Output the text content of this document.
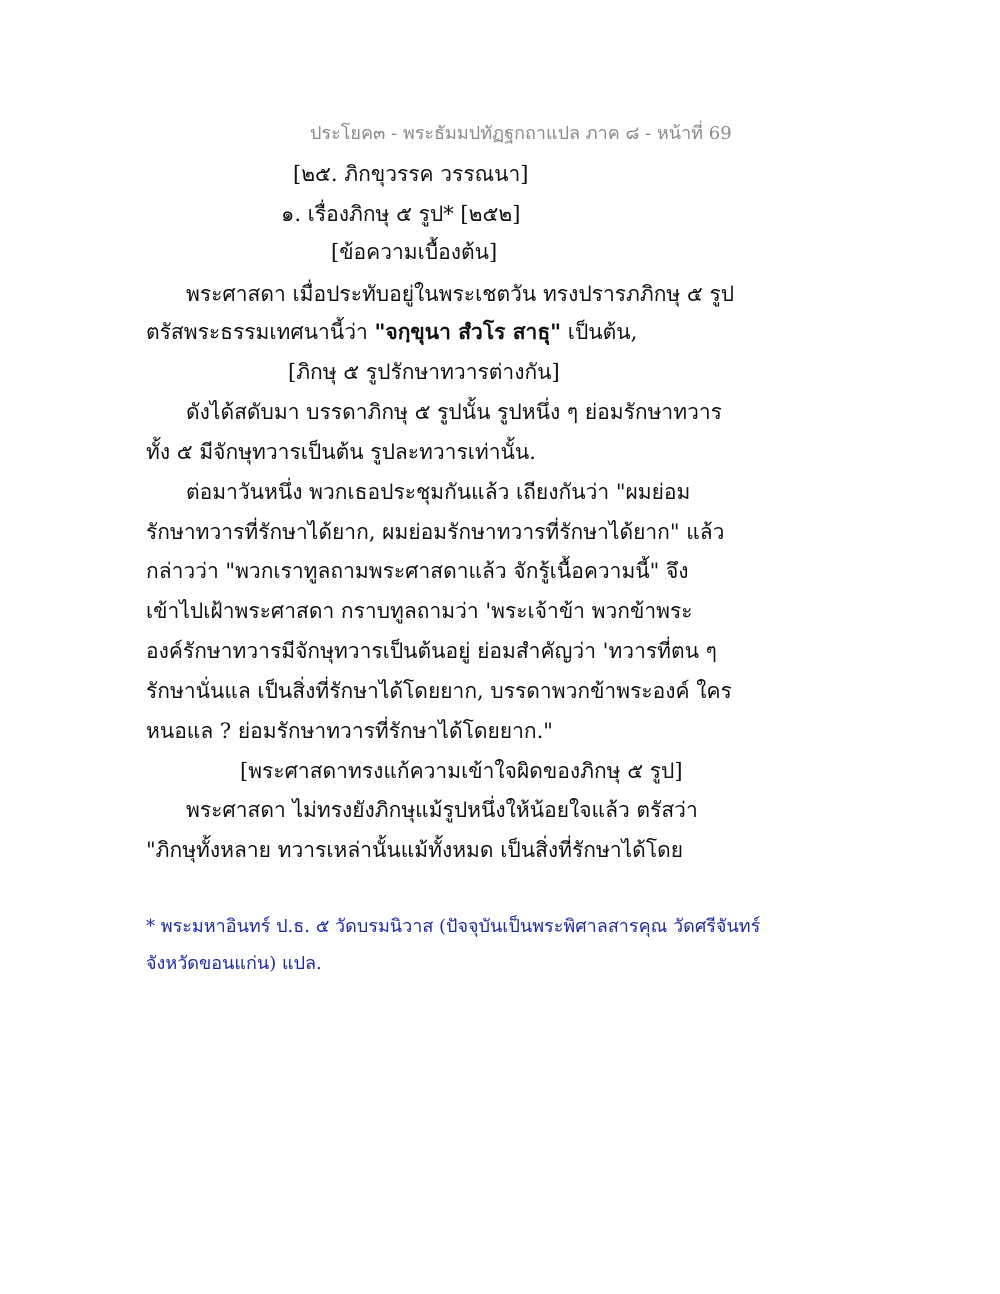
ประโยค๓ - พระธัมมปทัฏฐกถาแปล ภาค ๘ - หน้าที่ 69
[๒๕. ภิกขุวรรค วรรณนา]
๑. เรื่องภิกษุ ๕ รูป* [๒๕๒]
[ข้อความเบื้องต้น]
พระศาสดา เมื่อประทับอยู่ในพระเชตวัน ทรงปรารภภิกษุ ๕ รูป
ตรัสพระธรรมเทศนานี้ว่า "จกฺขุนา สํวโร สาธุ" เป็นต้น,
[ภิกษุ ๕ รูปรักษาทวารต่างกัน]
ดังได้สดับมา บรรดาภิกษุ ๕ รูปนั้น รูปหนึ่ง ๆ ย่อมรักษาทวาร
ทั้ง ๕ มีจักษุทวารเป็นต้น รูปละทวารเท่านั้น.
ต่อมาวันหนึ่ง พวกเธอประชุมกันแล้ว เถียงกันว่า "ผมย่อม
รักษาทวารที่รักษาได้ยาก, ผมย่อมรักษาทวารที่รักษาได้ยาก" แล้ว
กล่าวว่า "พวกเราทูลถามพระศาสดาแล้ว จักรู้เนื้อความนี้" จึง
เข้าไปเฝ้าพระศาสดา กราบทูลถามว่า 'พระเจ้าข้า พวกข้าพระ
องค์รักษาทวารมีจักษุทวารเป็นต้นอยู่ ย่อมสำคัญว่า 'ทวารที่ตน ๆ
รักษานั่นแล เป็นสิ่งที่รักษาได้โดยยาก, บรรดาพวกข้าพระองค์ ใคร
หนอแล ? ย่อมรักษาทวารที่รักษาได้โดยยาก."
[พระศาสดาทรงแก้ความเข้าใจผิดของภิกษุ ๕ รูป]
พระศาสดา ไม่ทรงยังภิกษุแม้รูปหนึ่งให้น้อยใจแล้ว ตรัสว่า
"ภิกษุทั้งหลาย ทวารเหล่านั้นแม้ทั้งหมด เป็นสิ่งที่รักษาได้โดย
* พระมหาอินทร์ ป.ธ. ๕ วัดบรมนิวาส (ปัจจุบันเป็นพระพิศาลสารคุณ วัดศรีจันทร์
จังหวัดขอนแก่น) แปล.
